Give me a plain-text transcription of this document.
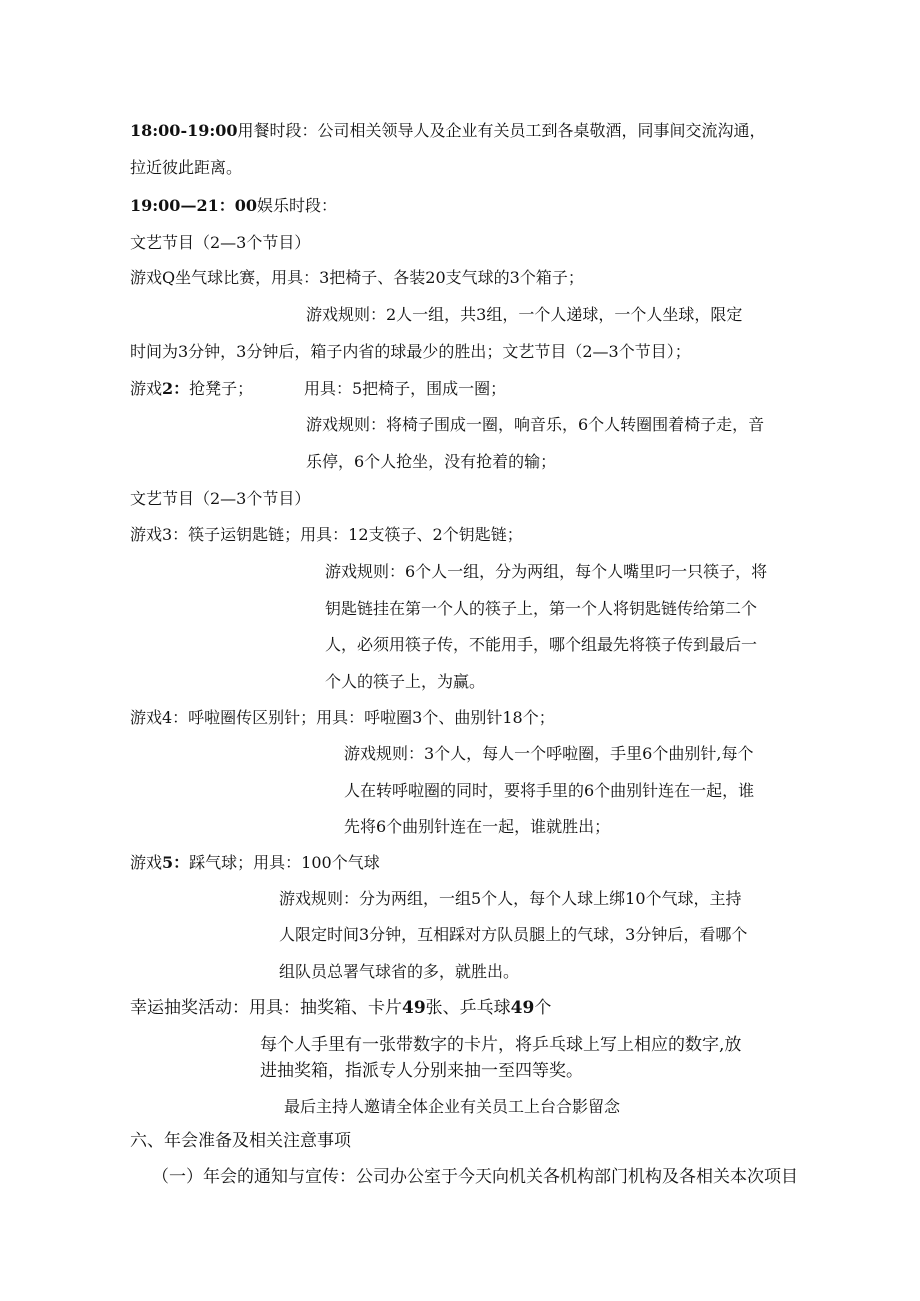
18:00-19:00用餐时段：公司相关领导人及企业有关员工到各桌敬酒，同事间交流沟通，
拉近彼此距离。
19:00—21：00娱乐时段：
文艺节目（2—3个节目）
游戏Q坐气球比赛，用具：3把椅子、各装20支气球的3个箱子；
游戏规则：2人一组，共3组，一个人递球，一个人坐球，限定
时间为3分钟，3分钟后，箱子内省的球最少的胜出；文艺节目（2—3个节目）；
游戏2：抢凳子；	用具：5把椅子，围成一圈；
游戏规则：将椅子围成一圈，响音乐，6个人转圈围着椅子走，音
乐停，6个人抢坐，没有抢着的输；
文艺节目（2—3个节目）
游戏3：筷子运钥匙链；用具：12支筷子、2个钥匙链；
游戏规则：6个人一组，分为两组，每个人嘴里叼一只筷子，将
钥匙链挂在第一个人的筷子上，第一个人将钥匙链传给第二个
人，必须用筷子传，不能用手，哪个组最先将筷子传到最后一
个人的筷子上，为赢。
游戏4：呼啦圈传区别针；用具：呼啦圈3个、曲别针18个；
游戏规则：3个人，每人一个呼啦圈，手里6个曲别针,每个
人在转呼啦圈的同时，要将手里的6个曲别针连在一起，谁
先将6个曲别针连在一起，谁就胜出；
游戏5：踩气球；用具：100个气球
游戏规则：分为两组，一组5个人，每个人球上绑10个气球，主持
人限定时间3分钟，互相踩对方队员腿上的气球，3分钟后，看哪个
组队员总署气球省的多，就胜出。
幸运抽奖活动：用具：抽奖箱、卡片49张、乒乓球49个
每个人手里有一张带数字的卡片，将乒乓球上写上相应的数字,放
进抽奖箱，指派专人分别来抽一至四等奖。
最后主持人邀请全体企业有关员工上台合影留念
六、年会准备及相关注意事项
（一）年会的通知与宣传：公司办公室于今天向机关各机构部门机构及各相关本次项目
